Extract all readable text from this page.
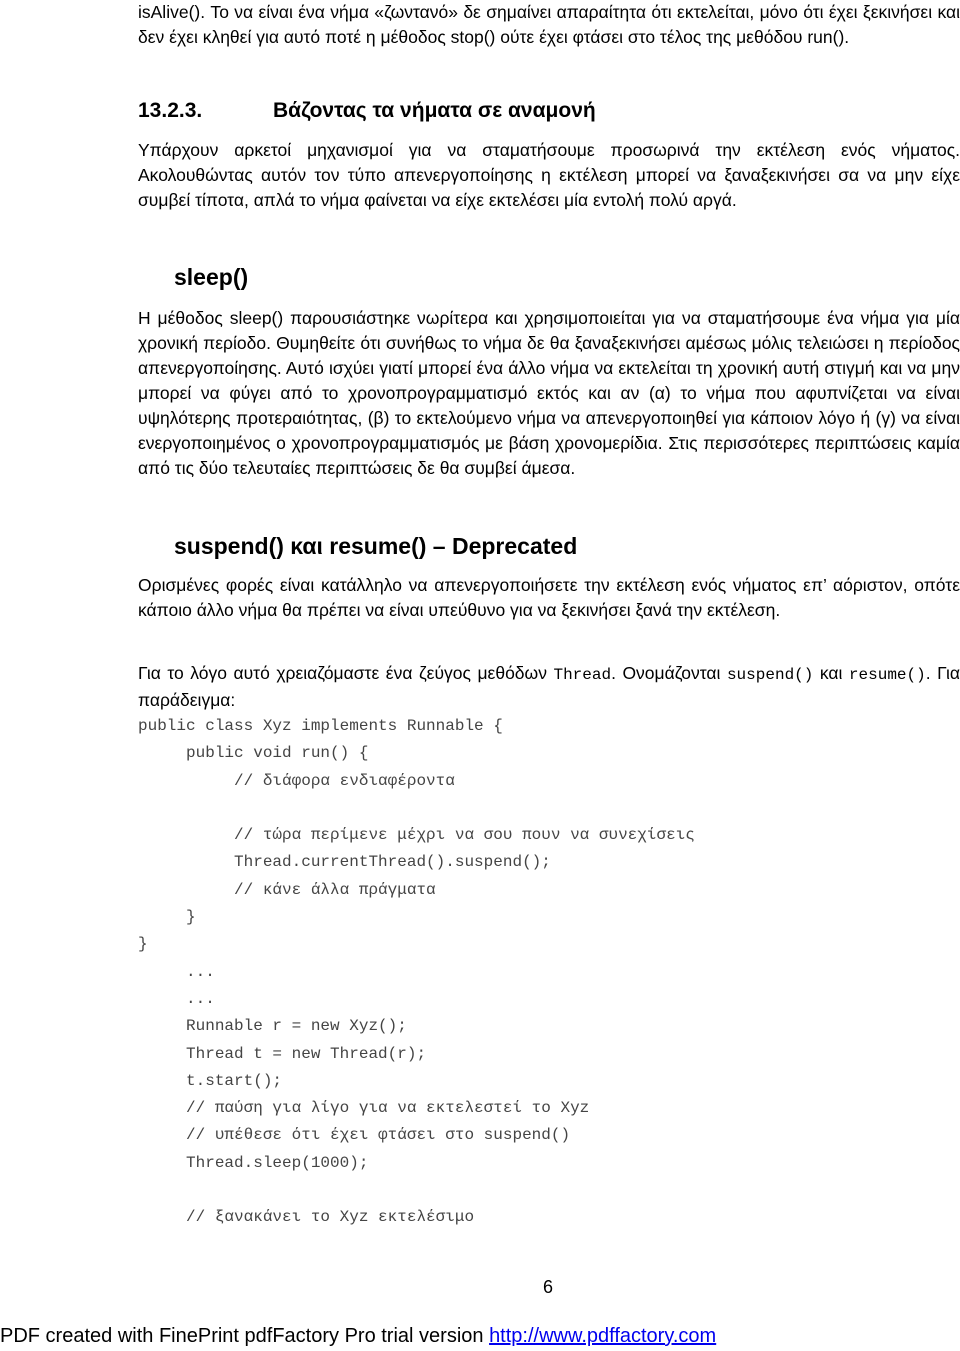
isAlive(). Το να είναι ένα νήμα «ζωντανό» δε σημαίνει απαραίτητα ότι εκτελείται, μόνο ότι έχει ξεκινήσει και δεν έχει κληθεί για αυτό ποτέ η μέθοδος stop() ούτε έχει φτάσει στο τέλος της μεθόδου run().
13.2.3.	Βάζοντας τα νήματα σε αναμονή
Υπάρχουν αρκετοί μηχανισμοί για να σταματήσουμε προσωρινά την εκτέλεση ενός νήματος. Ακολουθώντας αυτόν τον τύπο απενεργοποίησης η εκτέλεση μπορεί να ξαναξεκινήσει σα να μην είχε συμβεί τίποτα, απλά το νήμα φαίνεται να είχε εκτελέσει μία εντολή πολύ αργά.
sleep()
Η μέθοδος sleep() παρουσιάστηκε νωρίτερα και χρησιμοποιείται για να σταματήσουμε ένα νήμα για μία χρονική περίοδο. Θυμηθείτε ότι συνήθως το νήμα δε θα ξαναξεκινήσει αμέσως μόλις τελειώσει η περίοδος απενεργοποίησης. Αυτό ισχύει γιατί μπορεί ένα άλλο νήμα να εκτελείται τη χρονική αυτή στιγμή και να μην μπορεί να φύγει από το χρονοπρογραμματισμό εκτός και αν (α) το νήμα που αφυπνίζεται να είναι υψηλότερης προτεραιότητας, (β) το εκτελούμενο νήμα να απενεργοποιηθεί για κάποιον λόγο ή (γ) να είναι ενεργοποιημένος ο χρονοπρογραμματισμός με βάση χρονομερίδια. Στις περισσότερες περιπτώσεις καμία από τις δύο τελευταίες περιπτώσεις δε θα συμβεί άμεσα.
suspend() και resume() – Deprecated
Ορισμένες φορές είναι κατάλληλο να απενεργοποιήσετε την εκτέλεση ενός νήματος επ’ αόριστον, οπότε κάποιο άλλο νήμα θα πρέπει να είναι υπεύθυνο για να ξεκινήσει ξανά την εκτέλεση.
Για το λόγο αυτό χρειαζόμαστε ένα ζεύγος μεθόδων Thread. Ονομάζονται suspend() και resume(). Για παράδειγμα:
public class Xyz implements Runnable {
public void run() {
// διάφορα ενδιαφέροντα
// τώρα περίμενε μέχρι να σου πουν να συνεχίσεις
Thread.currentThread().suspend();
// κάνε άλλα πράγματα
}
}
...
...
Runnable r = new Xyz();
Thread t = new Thread(r);
t.start();
// παύση για λίγο για να εκτελεστεί το Xyz
// υπέθεσε ότι έχει φτάσει στο suspend()
Thread.sleep(1000);
// ξανακάνει το Xyz εκτελέσιμο
6
PDF created with FinePrint pdfFactory Pro trial version http://www.pdffactory.com
